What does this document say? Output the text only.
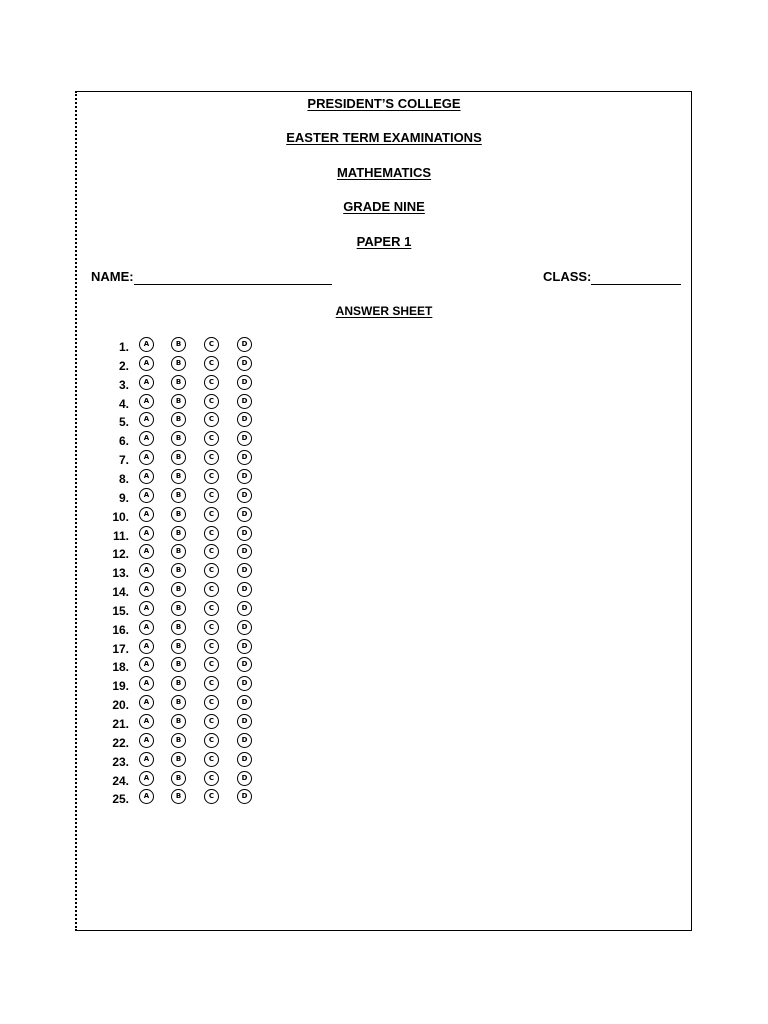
PRESIDENT’S COLLEGE
EASTER TERM EXAMINATIONS
MATHEMATICS
GRADE NINE
PAPER 1
NAME:	CLASS:
ANSWER SHEET
1.	A	B	C	D
2.	A	B	C	D
3.	A	B	C	D
4.	A	B	C	D
5.	A	B	C	D
6.	A	B	C	D
7.	A	B	C	D
8.	A	B	C	D
9.	A	B	C	D
10.	A	B	C	D
11.	A	B	C	D
12.	A	B	C	D
13.	A	B	C	D
14.	A	B	C	D
15.	A	B	C	D
16.	A	B	C	D
17.	A	B	C	D
18.	A	B	C	D
19.	A	B	C	D
20.	A	B	C	D
21.	A	B	C	D
22.	A	B	C	D
23.	A	B	C	D
24.	A	B	C	D
25.	A	B	C	D
